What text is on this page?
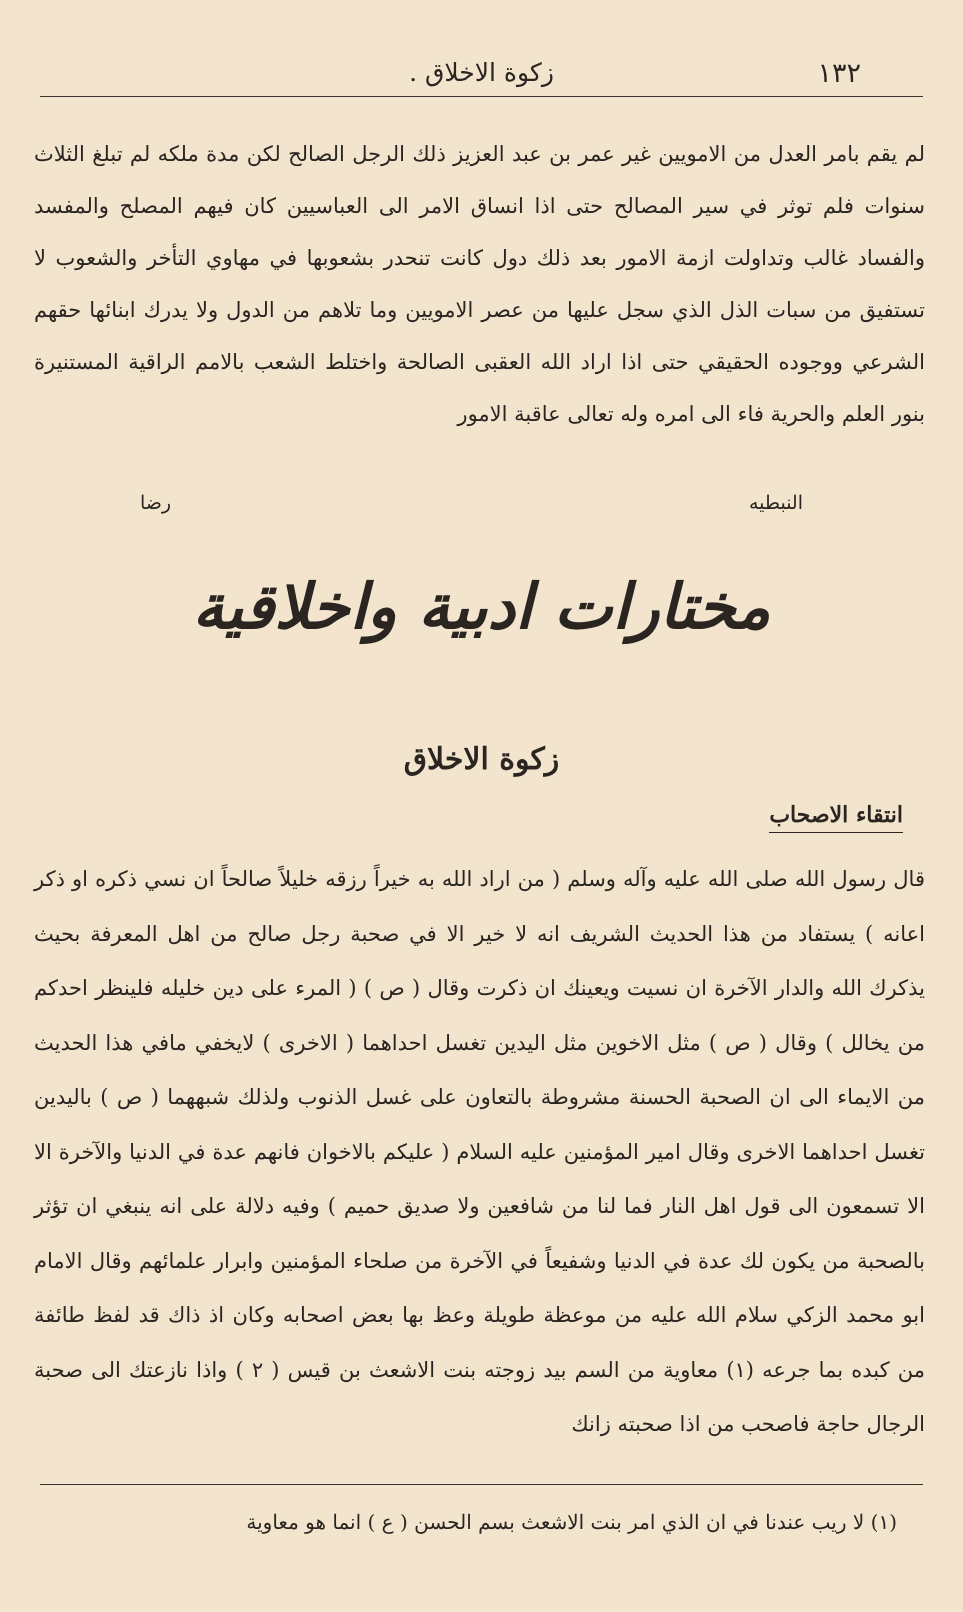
١٣٢
زكوة الاخلاق .

لم يقم بامر العدل من الامويين غير عمر بن عبد العزيز ذلك الرجل الصالح لكن مدة ملكه لم تبلغ الثلاث سنوات فلم توثر في سير المصالح حتى اذا انساق الامر الى العباسيين كان فيهم المصلح والمفسد والفساد غالب وتداولت ازمة الامور بعد ذلك دول كانت تنحدر بشعوبها في مهاوي التأخر والشعوب لا تستفيق من سبات الذل الذي سجل عليها من عصر الامويين وما تلاهم من الدول ولا يدرك ابنائها حقهم الشرعي ووجوده الحقيقي حتى اذا اراد الله العقبى الصالحة واختلط الشعب بالامم الراقية المستنيرة بنور العلم والحرية فاء الى امره وله تعالى عاقبة الامور

النبطيه
رضا
مختارات ادبية واخلاقية
زكوة الاخلاق
انتقاء الاصحاب

قال رسول الله صلى الله عليه وآله وسلم ( من اراد الله به خيراً رزقه خليلاً صالحاً ان نسي ذكره او ذكر اعانه ) يستفاد من هذا الحديث الشريف انه لا خير الا في صحبة رجل صالح من اهل المعرفة بحيث يذكرك الله والدار الآخرة ان نسيت ويعينك ان ذكرت وقال ( ص ) ( المرء على دين خليله فلينظر احدكم من يخالل ) وقال ( ص ) مثل الاخوين مثل اليدين تغسل احداهما ( الاخرى ) لايخفي مافي هذا الحديث من الايماء الى ان الصحبة الحسنة مشروطة بالتعاون على غسل الذنوب ولذلك شبههما ( ص ) باليدين تغسل احداهما الاخرى وقال امير المؤمنين عليه السلام ( عليكم بالاخوان فانهم عدة في الدنيا والآخرة الا الا تسمعون الى قول اهل النار فما لنا من شافعين ولا صديق حميم ) وفيه دلالة على انه ينبغي ان تؤثر بالصحبة من يكون لك عدة في الدنيا وشفيعاً في الآخرة من صلحاء المؤمنين وابرار علمائهم وقال الامام ابو محمد الزكي سلام الله عليه من موعظة طويلة وعظ بها بعض اصحابه وكان اذ ذاك قد لفظ طائفة من كبده بما جرعه (١) معاوية من السم بيد زوجته بنت الاشعث بن قيس ( ٢ ) واذا نازعتك الى صحبة الرجال حاجة فاصحب من اذا صحبته زانك

(١) لا ريب عندنا في ان الذي امر بنت الاشعث بسم الحسن ( ع ) انما هو معاوية
